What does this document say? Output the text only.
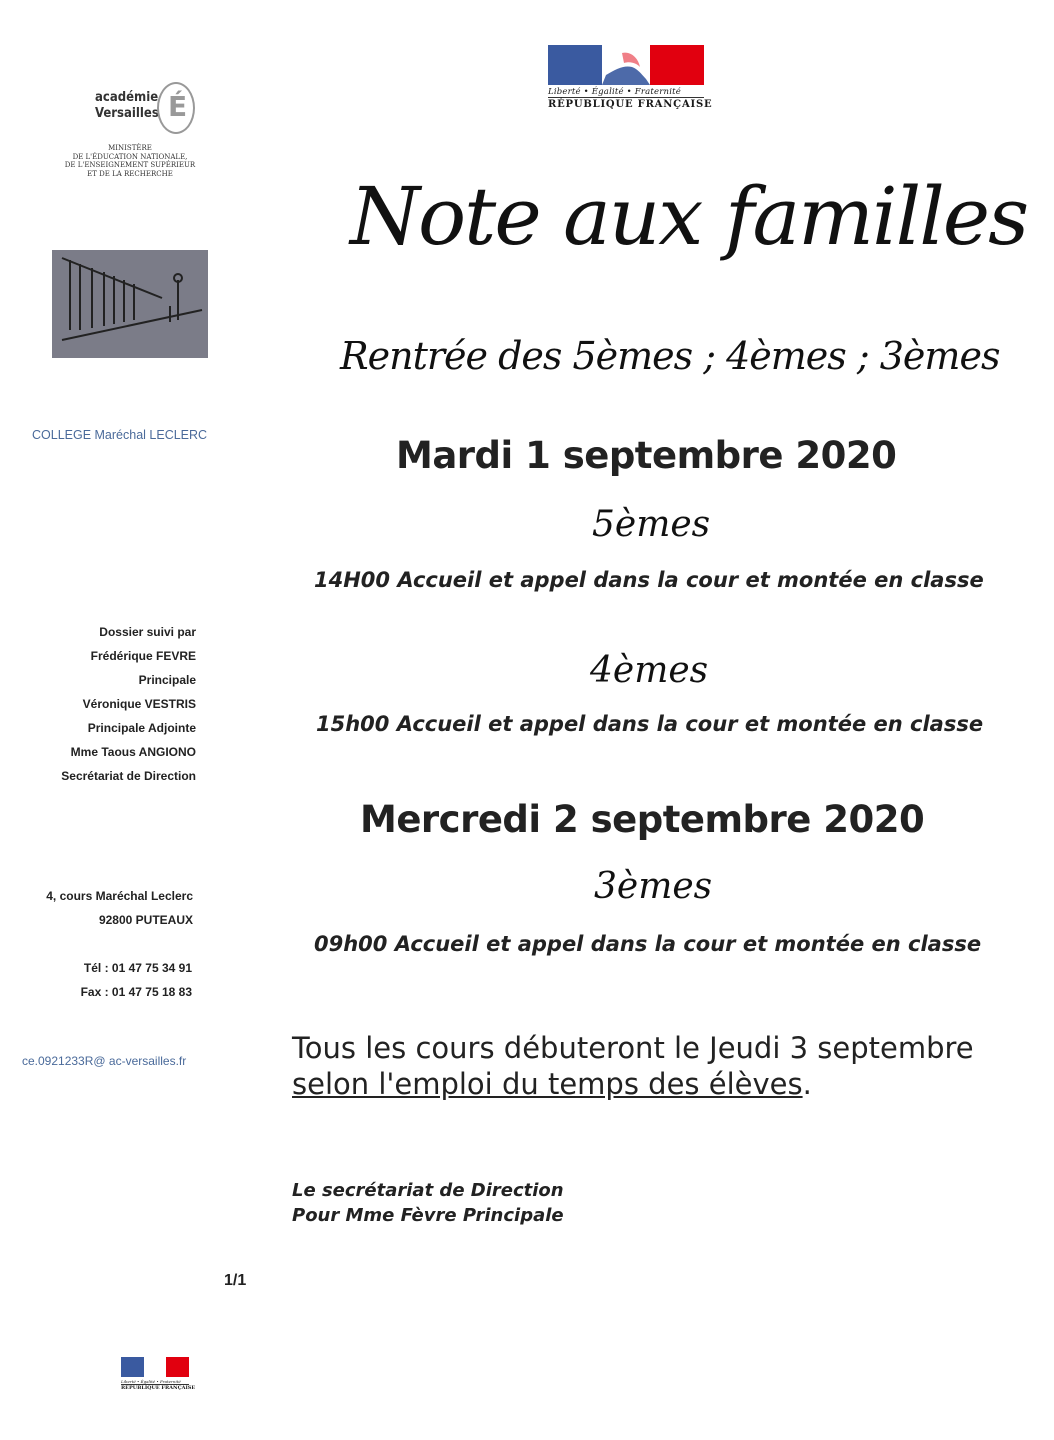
Liberté • Égalité • Fraternité
RÉPUBLIQUE FRANÇAISE
académie
Versailles É
MINISTÈRE
DE L'ÉDUCATION NATIONALE,
DE L'ENSEIGNEMENT SUPÉRIEUR
ET DE LA RECHERCHE
COLLEGE Maréchal LECLERC
Dossier suivi par
Frédérique FEVRE
Principale
Véronique VESTRIS
Principale Adjointe
Mme Taous ANGIONO
Secrétariat de Direction
4, cours Maréchal Leclerc
92800 PUTEAUX
Tél : 01 47 75 34 91
Fax : 01 47 75 18 83
ce.0921233R@ ac-versailles.fr
Note aux familles
Rentrée des 5èmes ; 4èmes ; 3èmes
Mardi 1 septembre 2020
5èmes
14H00 Accueil et appel dans la cour et montée en classe
4èmes
15h00 Accueil et appel dans la cour et montée en classe
Mercredi 2 septembre 2020
3èmes
09h00 Accueil et appel dans la cour et montée en classe
Tous les cours débuteront le Jeudi 3 septembre
selon l'emploi du temps des élèves.
Le secrétariat de Direction
Pour Mme Fèvre Principale
1/1
Liberté • Égalité • Fraternité
RÉPUBLIQUE FRANÇAISE
